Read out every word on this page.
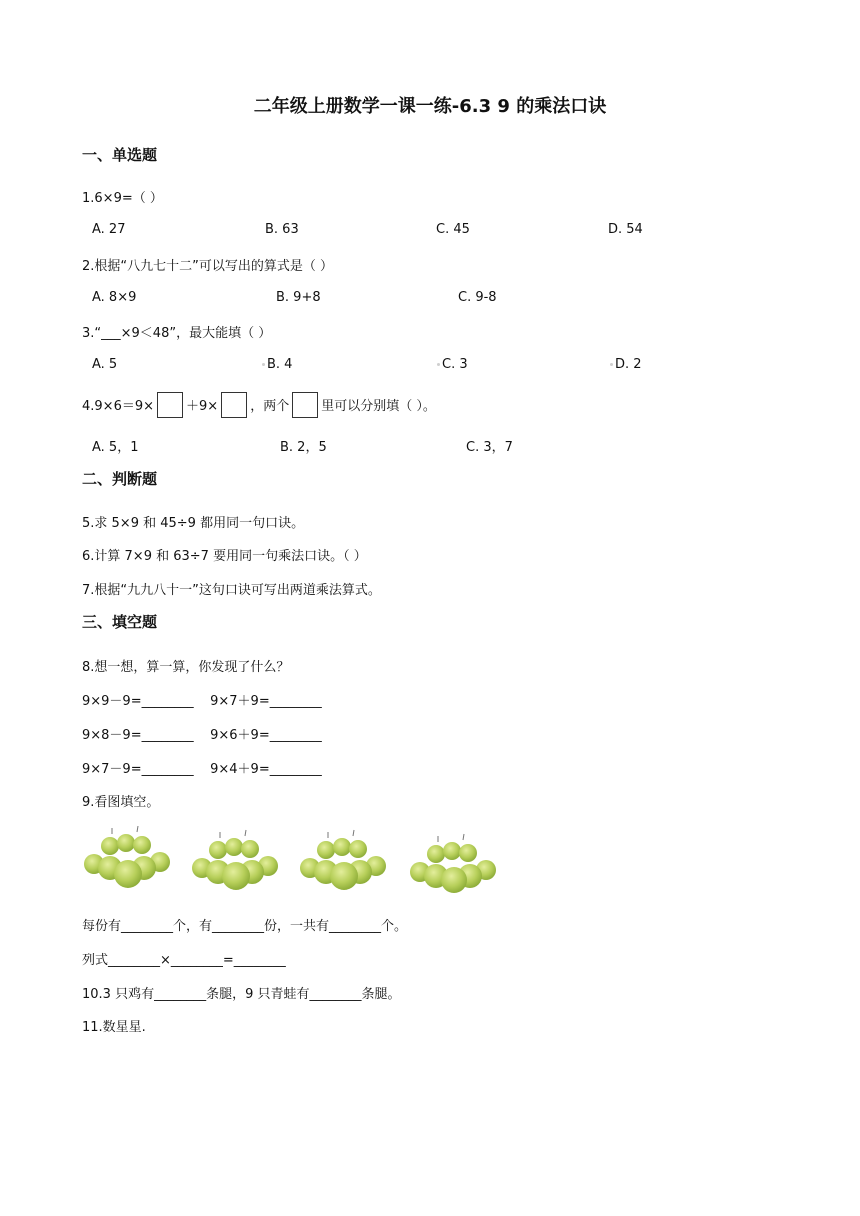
二年级上册数学一课一练-6.3 9 的乘法口诀
一、单选题
1.6×9=（ ）
A. 27	B. 63	C. 45	D. 54
2.根据“八九七十二”可以写出的算式是（ ）
A. 8×9	B. 9+8	C. 9-8
3.“___×9＜48”，最大能填（ ）
A. 5	B. 4	C. 3	D. 2
4.9×6＝9× ＋9× ，两个 里可以分别填（ ）。
A. 5，1	B. 2，5	C. 3，7
二、判断题
5.求 5×9 和 45÷9 都用同一句口诀。
6.计算 7×9 和 63÷7 要用同一句乘法口诀。（ ）
7.根据“九九八十一”这句口诀可写出两道乘法算式。
三、填空题
8.想一想，算一算，你发现了什么？
9×9－9=________    9×7＋9=________
9×8－9=________    9×6＋9=________
9×7－9=________    9×4＋9=________
9.看图填空。
每份有________个，有________份，一共有________个。
列式________×________=________
10.3 只鸡有________条腿，9 只青蛙有________条腿。
11.数星星.
